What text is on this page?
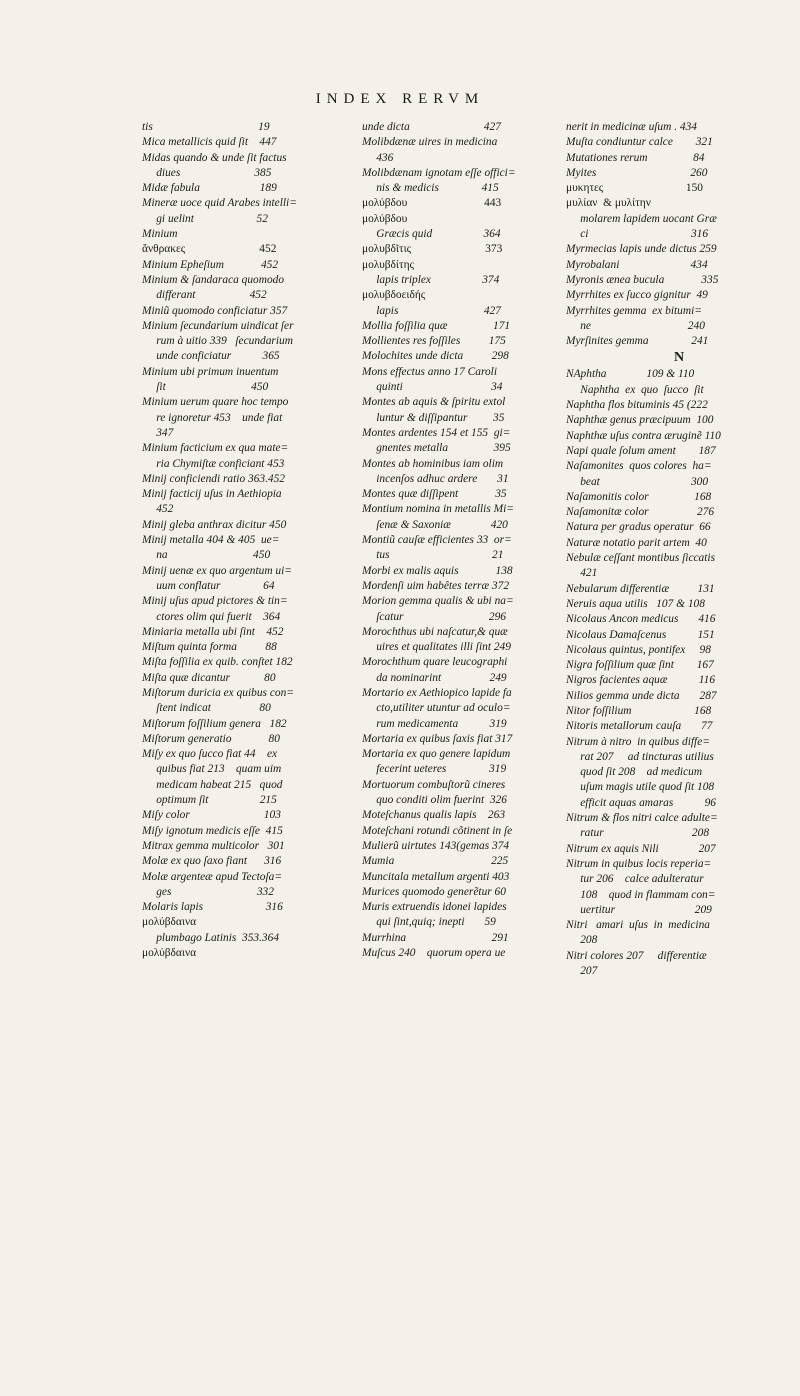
INDEX RERVM
tis                                     19
Mica metallicis quid ſit    447
Midas quando & unde ſit factus
diues                          385
Midæ fabula                     189
Mineræ uoce quid Arabes intelli=
gi uelint                      52
Minium
ἄνθρακες                          452
Minium Epheſium             452
Minium & ſandaraca quomodo
differant                   452
Miniũ quomodo conficiatur 357
Minium ſecundarium uindicat ſer
rum à uitio 339   ſecundarium
unde conficiatur           365
Minium ubi primum inuentum
ſit                              450
Minium uerum quare hoc tempo
re ignoretur 453    unde fiat
347
Minium facticium ex qua mate=
ria Chymiſtæ conficiant 453
Minij conficiendi ratio 363.452
Minij facticij uſus in Aethiopia
452
Minij gleba anthrax dicitur 450
Minij metalla 404 & 405  ue=
na                              450
Minij uenæ ex quo argentum ui=
uum conflatur               64
Minij uſus apud pictores & tin=
ctores olim qui fuerit    364
Miniaria metalla ubi ſint    452
Miſtum quinta forma          88
Miſta foſſilia ex quib. conſtet 182
Miſta quæ dicantur            80
Miſtorum duricia ex quibus con=
ſtent indicat                 80
Miſtorum foſſilium genera   182
Miſtorum generatio             80
Miſy ex quo ſucco fiat 44    ex
quibus fiat 213    quam uim
medicam habeat 215   quod
optimum ſit                  215
Miſy color                          103
Miſy ignotum medicis eſſe  415
Mitrax gemma multicolor   301
Molæ ex quo ſaxo fiant      316
Molæ argenteæ apud Tectoſa=
ges                              332
Molaris lapis                      316
μολύβδαινα
plumbago Latinis  353.364
μολύβδαινα
unde dicta                          427
Molibdænæ uires in medicina
436
Molibdænam ignotam eſſe offici=
nis & medicis               415
μολύβδου                           443
μολύβδου
Græcis quid                  364
μολυβδῖτις                          373
μολυβδίτης
lapis triplex                  374
μολυβδοειδής
lapis                              427
Mollia foſſilia quæ                171
Mollientes res foſſiles          175
Molochites unde dicta          298
Mons effectus anno 17 Caroli
quinti                               34
Montes ab aquis & ſpiritu extol
luntur & diſſipantur         35
Montes ardentes 154 et 155  gi=
gnentes metalla                395
Montes ab hominibus iam olim
incenſos adhuc ardere       31
Montes quæ diſſipent             35
Montium nomina in metallis Mi=
ſenæ & Saxoniæ              420
Montiũ cauſæ efficientes 33  or=
tus                                    21
Morbi ex malis aquis             138
Mordenſi uim habêtes terræ 372
Morion gemma qualis & ubi na=
ſcatur                              296
Morochthus ubi naſcatur,& quæ
uires et qualitates illi ſint 249
Morochthum quare leucographi
da nominarint                 249
Mortario ex Aethiopico lapide fa
cto,utiliter utuntur ad oculo=
rum medicamenta           319
Mortaria ex quibus ſaxis fiat 317
Mortaria ex quo genere lapidum
fecerint ueteres               319
Mortuorum combuſtorũ cineres
quo conditi olim fuerint  326
Moteſchanus qualis lapis    263
Moteſchani rotundi cõtinent in ſe
Mulierũ uirtutes 143(gemas 374
Mumia                                  225
Muncitala metallum argenti 403
Murices quomodo generẽtur 60
Muris extruendis idonei lapides
qui ſint,quiq; inepti       59
Murrhina                              291
Muſcus 240    quorum opera ue
nerit in medicinæ uſum . 434
Muſta condiuntur calce        321
Mutationes rerum                84
Myites                                 260
μυκητες                             150
μυλίαν  & μυλίτην
molarem lapidem uocant Græ
ci                                    316
Myrmecias lapis unde dictus 259
Myrobalani                         434
Myronis ænea bucula             335
Myrrhites ex ſucco gignitur  49
Myrrhites gemma  ex bitumi=
ne                                  240
Myrſinites gemma               241
N
NAphtha              109 & 110
Naphtha  ex  quo  ſucco  ſit
Naphtha flos bituminis 45 (222
Naphthæ genus præcipuum  100
Naphthæ uſus contra æruginẽ 110
Napi quale ſolum ament        187
Naſamonites  quos colores  ha=
beat                                300
Naſamonitis color                168
Naſamonitæ color                 276
Natura per gradus operatur  66
Naturæ notatio parit artem  40
Nebulæ ceſſant montibus ſiccatis
421
Nebularum differentiæ          131
Neruis aqua utilis   107 & 108
Nicolaus Ancon medicus       416
Nicolaus Damaſcenus           151
Nicolaus quintus, pontifex     98
Nigra foſſilium quæ ſint        167
Nigros facientes aquæ           116
Nilios gemma unde dicta       287
Nitor foſſilium                      168
Nitoris metallorum cauſa       77
Nitrum à nitro  in quibus diffe=
rat 207     ad tincturas utilius
quod ſit 208    ad medicum
uſum magis utile quod ſit 108
efficit aquas amaras           96
Nitrum & flos nitri calce adulte=
ratur                               208
Nitrum ex aquis Nili              207
Nitrum in quibus locis reperia=
tur 206    calce adulteratur
108    quod in flammam con=
uertitur                            209
Nitri   amari  uſus  in  medicina
208
Nitri colores 207     differentiæ
207
